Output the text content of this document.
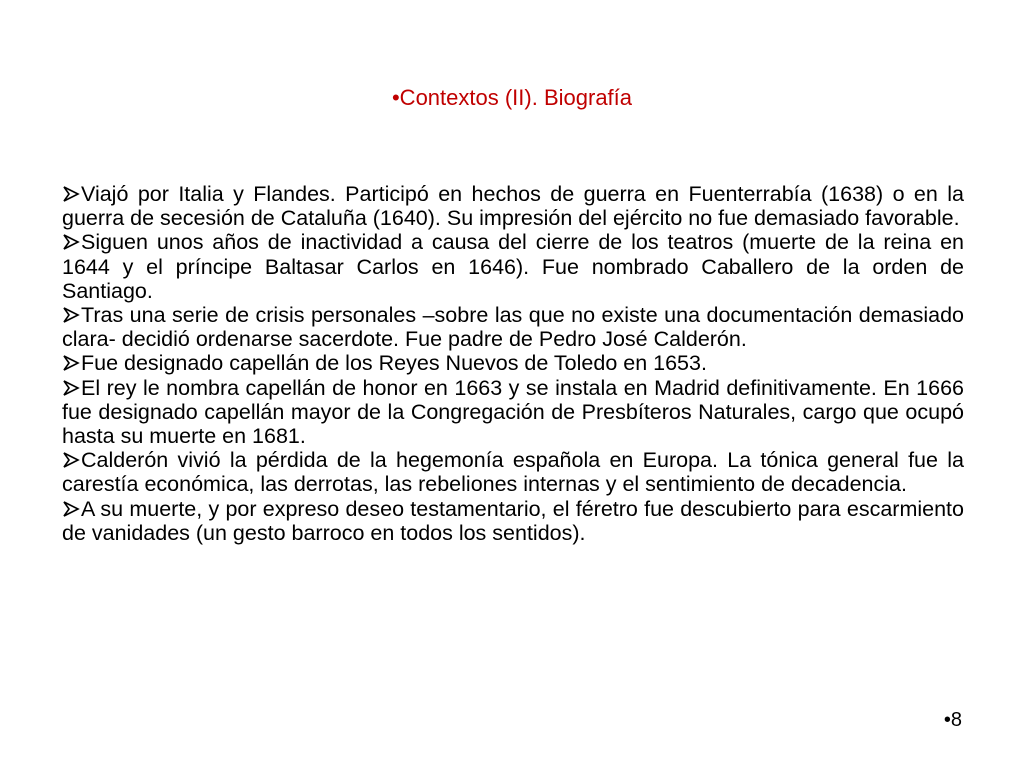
•Contextos (II). Biografía
Viajó por Italia y Flandes. Participó en hechos de guerra en Fuenterrabía (1638) o en la guerra de secesión de Cataluña (1640). Su impresión del ejército no fue demasiado favorable.
Siguen unos años de inactividad a causa del cierre de los teatros (muerte de la reina en 1644 y el príncipe Baltasar Carlos en 1646). Fue nombrado Caballero de la orden de Santiago.
Tras una serie de crisis personales –sobre las que no existe una documentación demasiado clara- decidió ordenarse sacerdote. Fue padre de Pedro José Calderón.
Fue designado capellán de los Reyes Nuevos de Toledo en 1653.
El rey le nombra capellán de honor en 1663 y se instala en Madrid definitivamente. En 1666 fue designado capellán mayor de la Congregación de Presbíteros Naturales, cargo que ocupó hasta su muerte en 1681.
Calderón vivió la pérdida de la hegemonía española en Europa. La tónica general fue la carestía económica, las derrotas, las rebeliones internas y el sentimiento de decadencia.
A su muerte, y por expreso deseo testamentario, el féretro fue descubierto para escarmiento de vanidades (un gesto barroco en todos los sentidos).
•8
